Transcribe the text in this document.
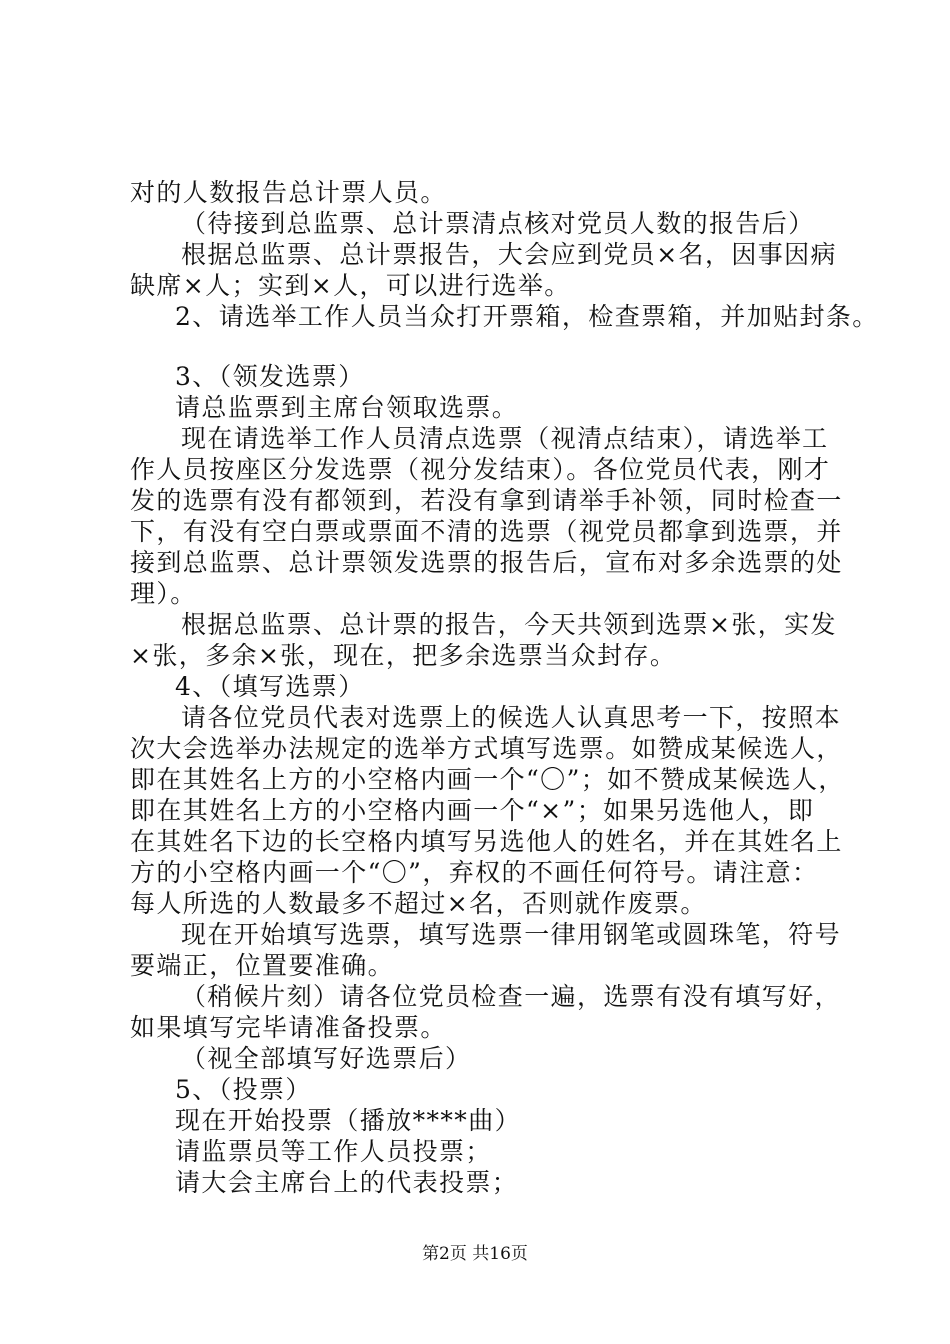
对的人数报告总计票人员。
（待接到总监票、总计票清点核对党员人数的报告后）
根据总监票、总计票报告，大会应到党员×名，因事因病
缺席×人；实到×人，可以进行选举。
2、请选举工作人员当众打开票箱，检查票箱，并加贴封条。
3、（领发选票）
请总监票到主席台领取选票。
现在请选举工作人员清点选票（视清点结束），请选举工
作人员按座区分发选票（视分发结束）。各位党员代表，刚才
发的选票有没有都领到，若没有拿到请举手补领，同时检查一
下，有没有空白票或票面不清的选票（视党员都拿到选票，并
接到总监票、总计票领发选票的报告后，宣布对多余选票的处
理）。
根据总监票、总计票的报告，今天共领到选票×张，实发
×张，多余×张，现在，把多余选票当众封存。
4、（填写选票）
请各位党员代表对选票上的候选人认真思考一下，按照本
次大会选举办法规定的选举方式填写选票。如赞成某候选人，
即在其姓名上方的小空格内画一个“〇”；如不赞成某候选人，
即在其姓名上方的小空格内画一个“×”；如果另选他人，即
在其姓名下边的长空格内填写另选他人的姓名，并在其姓名上
方的小空格内画一个“〇”，弃权的不画任何符号。请注意：
每人所选的人数最多不超过×名，否则就作废票。
现在开始填写选票，填写选票一律用钢笔或圆珠笔，符号
要端正，位置要准确。
（稍候片刻）请各位党员检查一遍，选票有没有填写好，
如果填写完毕请准备投票。
（视全部填写好选票后）
5、（投票）
现在开始投票（播放****曲）
请监票员等工作人员投票；
请大会主席台上的代表投票；
第2页 共16页
